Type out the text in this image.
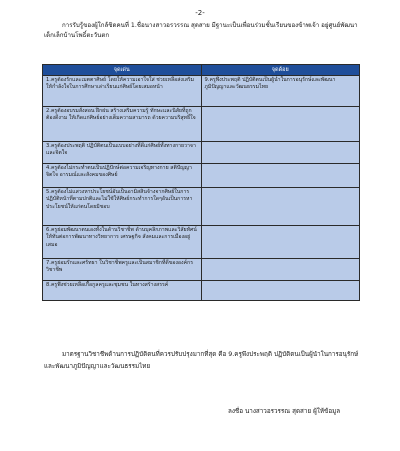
-2-
การรับรู้ของผู้ใกล้ชิดคนที่ 1.ชื่อนางสาวอรวรรณ สุดสาย มีฐานะเป็นเพื่อนร่วมชั้นเรียนของข้าพเจ้า อยู่ศูนย์พัฒนาเด็กเล็กบ้านโพธิ์ตะวันตก
จุดเด่น	จุดด้อย
1.ครูต้องรักและเมตตาศิษย์ โดยให้ความเอาใจใส่ ช่วยเหลือส่งเสริม ให้กำลังใจในการศึกษาเล่าเรียนแก่ศิษย์โดยเสมอหน้า	9.ครูพึงประพฤติ ปฏิบัติตนเป็นผู้นำในการอนุรักษ์และพัฒนาภูมิปัญญาและวัฒนธรรมไทย
2.ครูต้องอบรมสั่งสอน ฝึกฝน สร้างเสริมความรู้ ทักษะและนิสัยที่ถูกต้องดีงาม ให้เกิดแก่ศิษย์อย่างเต็มความสามารถ ด้วยความบริสุทธิ์ใจ	
3.ครูต้องประพฤติ ปฏิบัติตนเป็นแบบอย่างที่ดีแก่ศิษย์ทั้งทางกายวาจาและจิตใจ	
4.ครูต้องไม่กระทำตนเป็นปฏิปักษ์ต่อความเจริญทางกาย สติปัญญาจิตใจ อารมณ์และสังคมของศิษย์	
5.ครูต้องไม่แสวงหาประโยชน์อันเป็นอามิสสินจ้างจากศิษย์ในการปฏิบัติหน้าที่ตามปกติและไม่ใช้ให้ศิษย์กระทำการใดๆอันเป็นการหาประโยชน์ให้แก่ตนโดยมิชอบ	
6.ครูย่อมพัฒนาตนเองทั้งในด้านวิชาชีพ ด้านบุคลิกภาพและวิสัยทัศน์ ให้ทันต่อการพัฒนาทางวิทยาการ เศรษฐกิจ สังคมและการเมืองอยู่เสมอ	
7.ครูย่อมรักและศรัทธา ในวิชาชีพครูและเป็นสมาชิกที่ดีขององค์กรวิชาชีพ	
8.ครูพึงช่วยเหลือเกื้อกูลครูและชุมชน ในทางสร้างสรรค์	
มาตรฐานวิชาชีพด้านการปฏิบัติตนที่ควรปรับปรุงมากที่สุด คือ 9.ครูพึงประพฤติ ปฏิบัติตนเป็นผู้นำในการอนุรักษ์และพัฒนาภูมิปัญญาและวัฒนธรรมไทย
ลงชื่อ นางสาวอรวรรณ สุดสาย ผู้ให้ข้อมูล
